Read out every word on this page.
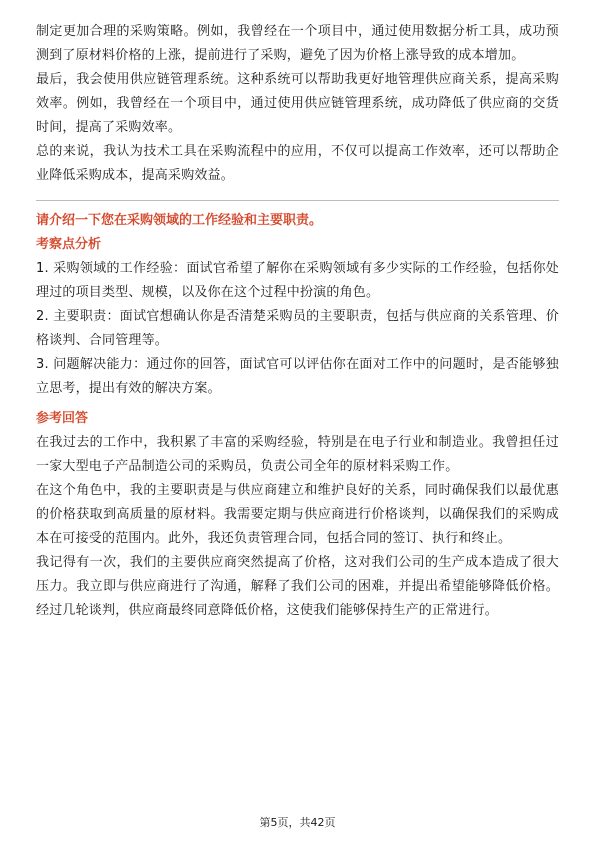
制定更加合理的采购策略。例如，我曾经在一个项目中，通过使用数据分析工具，成功预测到了原材料价格的上涨，提前进行了采购，避免了因为价格上涨导致的成本增加。

最后，我会使用供应链管理系统。这种系统可以帮助我更好地管理供应商关系，提高采购效率。例如，我曾经在一个项目中，通过使用供应链管理系统，成功降低了供应商的交货时间，提高了采购效率。

总的来说，我认为技术工具在采购流程中的应用，不仅可以提高工作效率，还可以帮助企业降低采购成本，提高采购效益。

请介绍一下您在采购领域的工作经验和主要职责。
考察点分析

1. 采购领域的工作经验：面试官希望了解你在采购领域有多少实际的工作经验，包括你处理过的项目类型、规模，以及你在这个过程中扮演的角色。

2. 主要职责：面试官想确认你是否清楚采购员的主要职责，包括与供应商的关系管理、价格谈判、合同管理等。

3. 问题解决能力：通过你的回答，面试官可以评估你在面对工作中的问题时，是否能够独立思考，提出有效的解决方案。

参考回答

在我过去的工作中，我积累了丰富的采购经验，特别是在电子行业和制造业。我曾担任过一家大型电子产品制造公司的采购员，负责公司全年的原材料采购工作。

在这个角色中，我的主要职责是与供应商建立和维护良好的关系，同时确保我们以最优惠的价格获取到高质量的原材料。我需要定期与供应商进行价格谈判，以确保我们的采购成本在可接受的范围内。此外，我还负责管理合同，包括合同的签订、执行和终止。

我记得有一次，我们的主要供应商突然提高了价格，这对我们公司的生产成本造成了很大压力。我立即与供应商进行了沟通，解释了我们公司的困难，并提出希望能够降低价格。经过几轮谈判，供应商最终同意降低价格，这使我们能够保持生产的正常进行。

第5页，共42页
